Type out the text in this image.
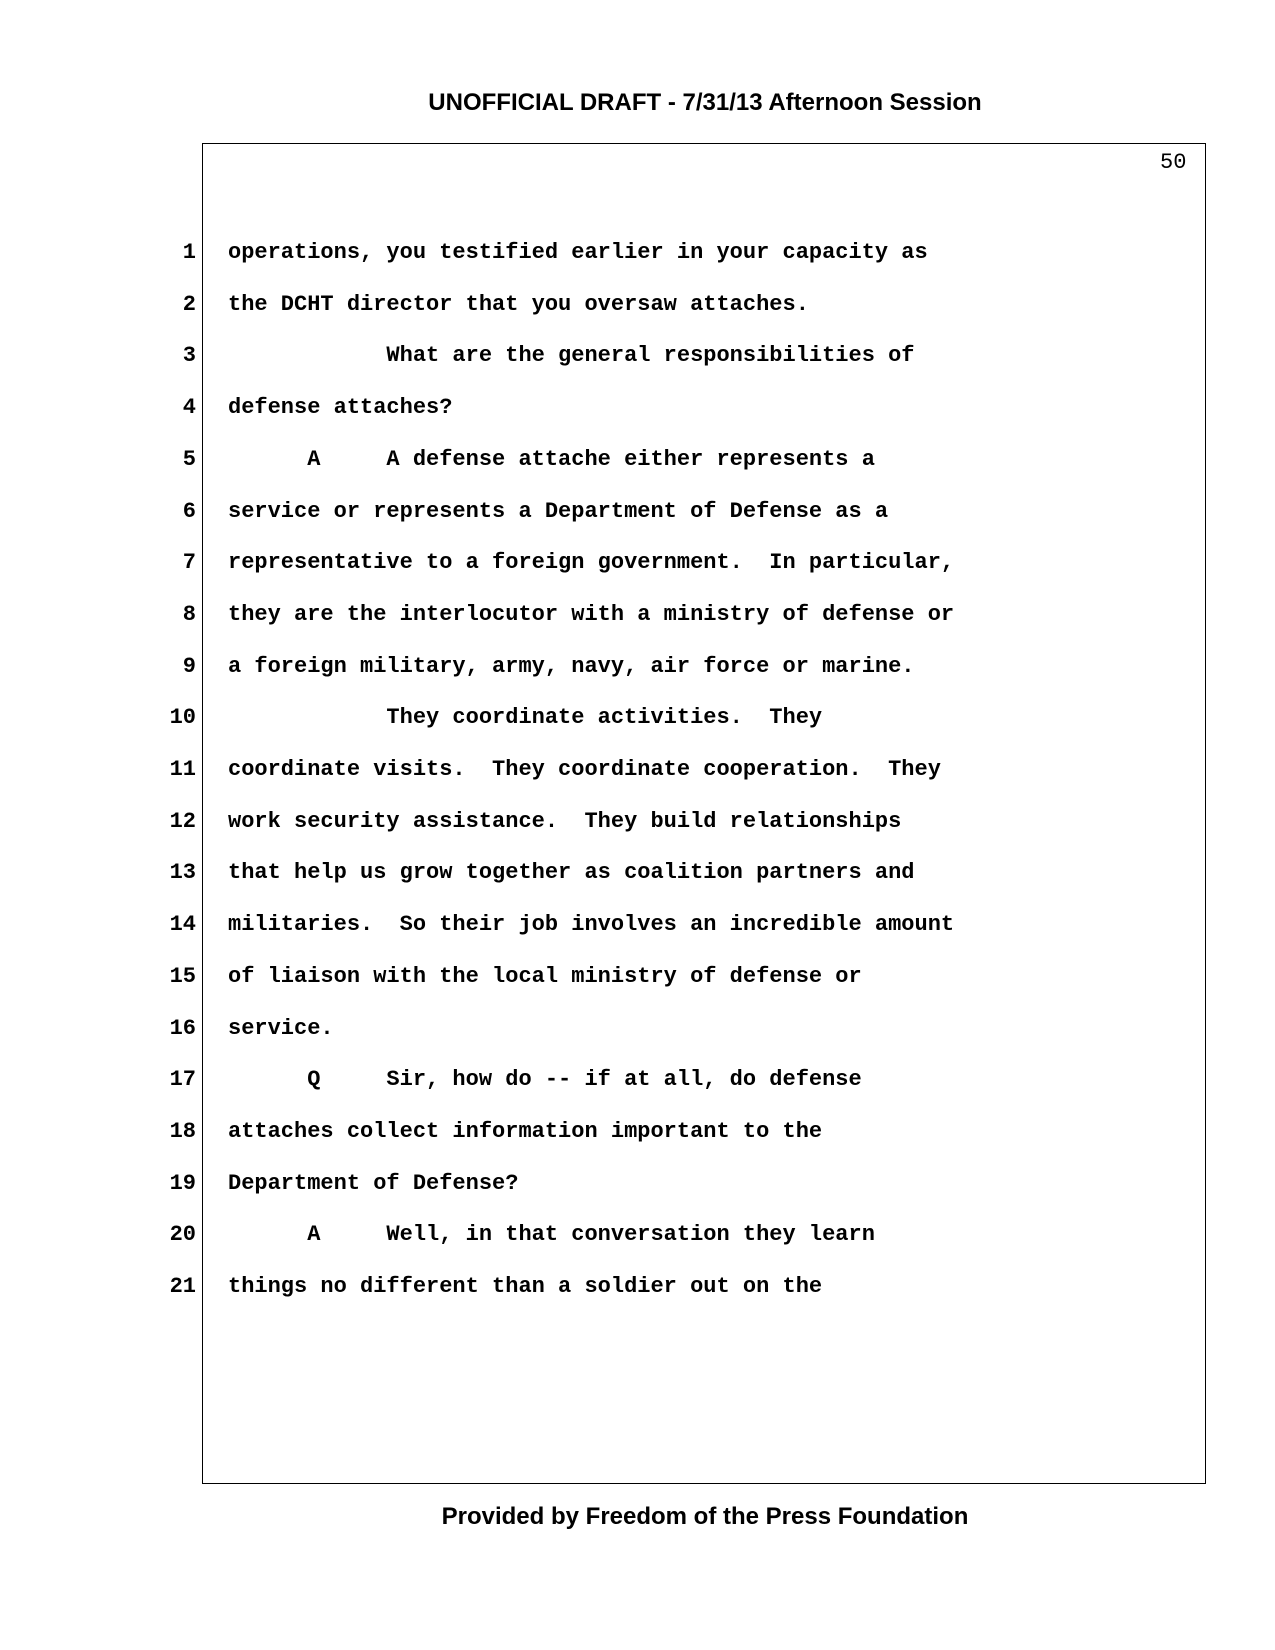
UNOFFICIAL DRAFT - 7/31/13 Afternoon Session
50
1 operations, you testified earlier in your capacity as
2 the DCHT director that you oversaw attaches.
3 What are the general responsibilities of
4 defense attaches?
5 A     A defense attache either represents a
6 service or represents a Department of Defense as a
7 representative to a foreign government.  In particular,
8 they are the interlocutor with a ministry of defense or
9 a foreign military, army, navy, air force or marine.
10 They coordinate activities.  They
11 coordinate visits.  They coordinate cooperation.  They
12 work security assistance.  They build relationships
13 that help us grow together as coalition partners and
14 militaries.  So their job involves an incredible amount
15 of liaison with the local ministry of defense or
16 service.
17 Q     Sir, how do -- if at all, do defense
18 attaches collect information important to the
19 Department of Defense?
20 A     Well, in that conversation they learn
21 things no different than a soldier out on the
Provided by Freedom of the Press Foundation
